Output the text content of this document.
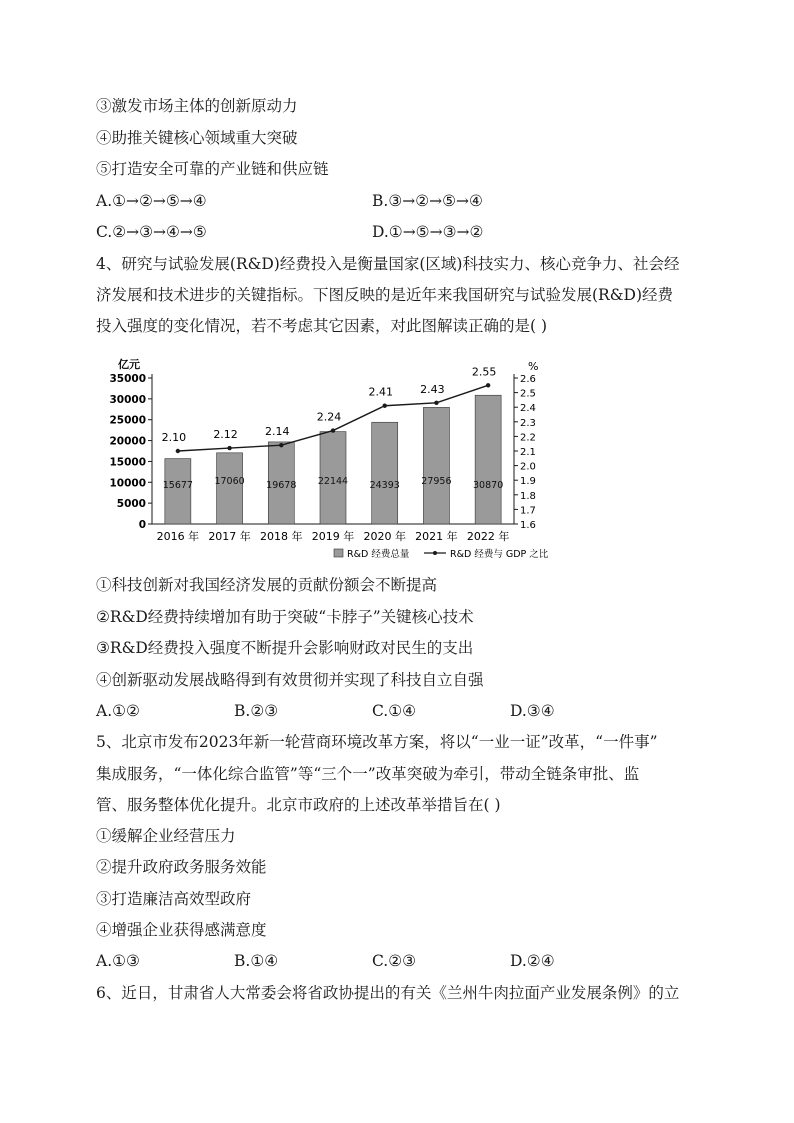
③激发市场主体的创新原动力
④助推关键核心领域重大突破
⑤打造安全可靠的产业链和供应链
A.①→②→⑤→④	B.③→②→⑤→④
C.②→③→④→⑤	D.①→⑤→③→②
4、研究与试验发展(R&D)经费投入是衡量国家(区域)科技实力、核心竞争力、社会经
济发展和技术进步的关键指标。下图反映的是近年来我国研究与试验发展(R&D)经费
投入强度的变化情况，若不考虑其它因素，对此图解读正确的是( )
亿元	%
0
5000
10000
15000
20000
25000
30000
35000
1.6
1.7
1.8
1.9
2.0
2.1
2.2
2.3
2.4
2.5
2.6
15677 17060 19678 22144 24393 27956 30870
2016 年 2017 年 2018 年 2019 年 2020 年 2021 年 2022 年
2.10 2.12 2.14
2.24
2.41 2.43
2.55
R&D 经费总量	R&D 经费与 GDP 之比
①科技创新对我国经济发展的贡献份额会不断提高
②R&D经费持续增加有助于突破“卡脖子”关键核心技术
③R&D经费投入强度不断提升会影响财政对民生的支出
④创新驱动发展战略得到有效贯彻并实现了科技自立自强
A.①②	B.②③	C.①④	D.③④
5、北京市发布2023年新一轮营商环境改革方案，将以“一业一证”改革，“一件事”
集成服务，“一体化综合监管”等“三个一”改革突破为牵引，带动全链条审批、监
管、服务整体优化提升。北京市政府的上述改革举措旨在( )
①缓解企业经营压力
②提升政府政务服务效能
③打造廉洁高效型政府
④增强企业获得感满意度
A.①③	B.①④	C.②③	D.②④
6、近日，甘肃省人大常委会将省政协提出的有关《兰州牛肉拉面产业发展条例》的立
